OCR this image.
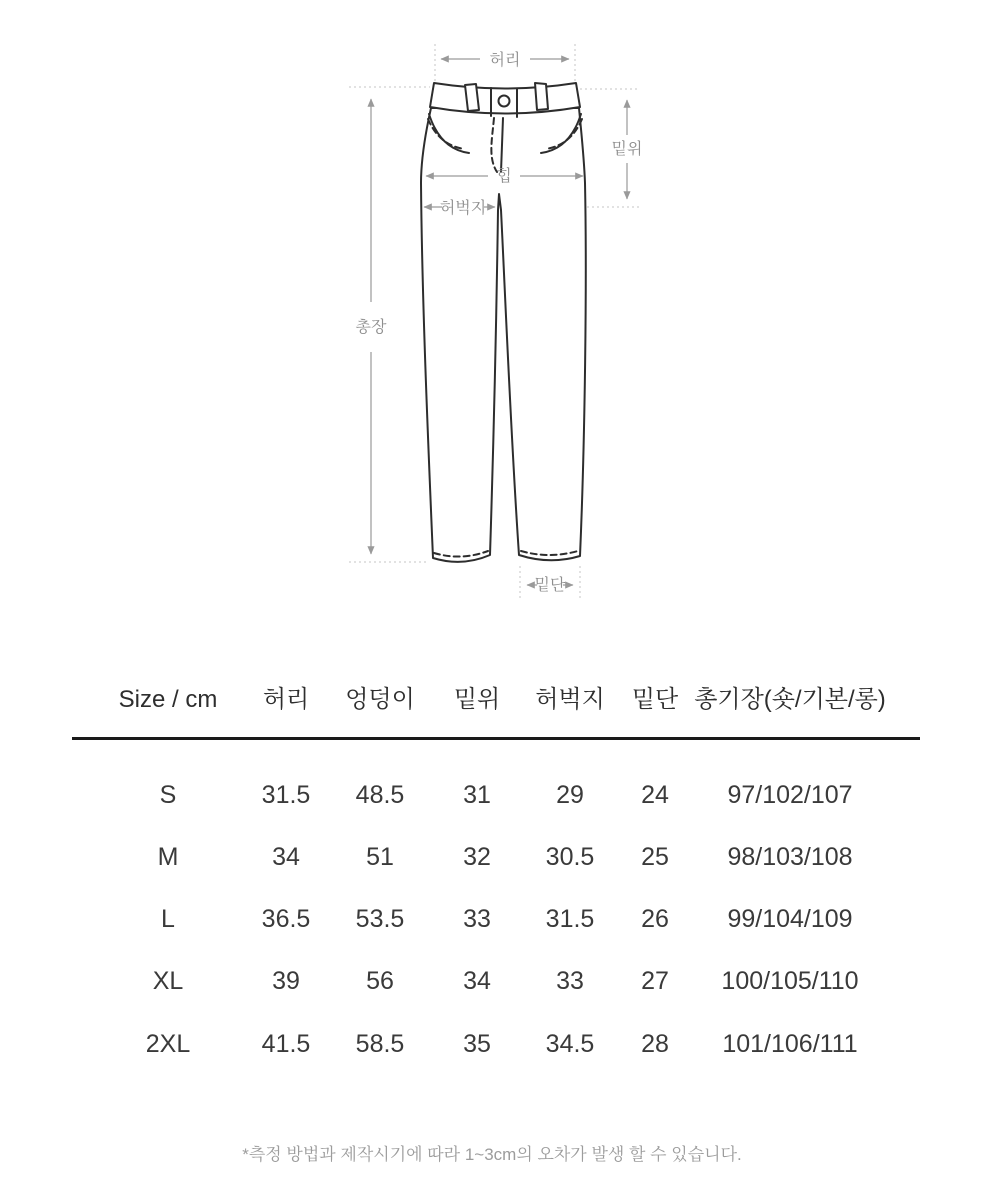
허리
총장
밑위
힙
허벅지
밑단
Size / cm 허리 엉덩이 밑위 허벅지 밑단 총기장(숏/기본/롱)
S	31.5 48.5 31	29 24 97/102/107
M	34	51	32 30.5 25 98/103/108
L	36.5 53.5 33 31.5 26 99/104/109
XL	39	56	34	33 27 100/105/110
2XL	41.5 58.5 35 34.5 28 101/106/111
*측정 방법과 제작시기에 따라 1~3cm의 오차가 발생 할 수 있습니다.
